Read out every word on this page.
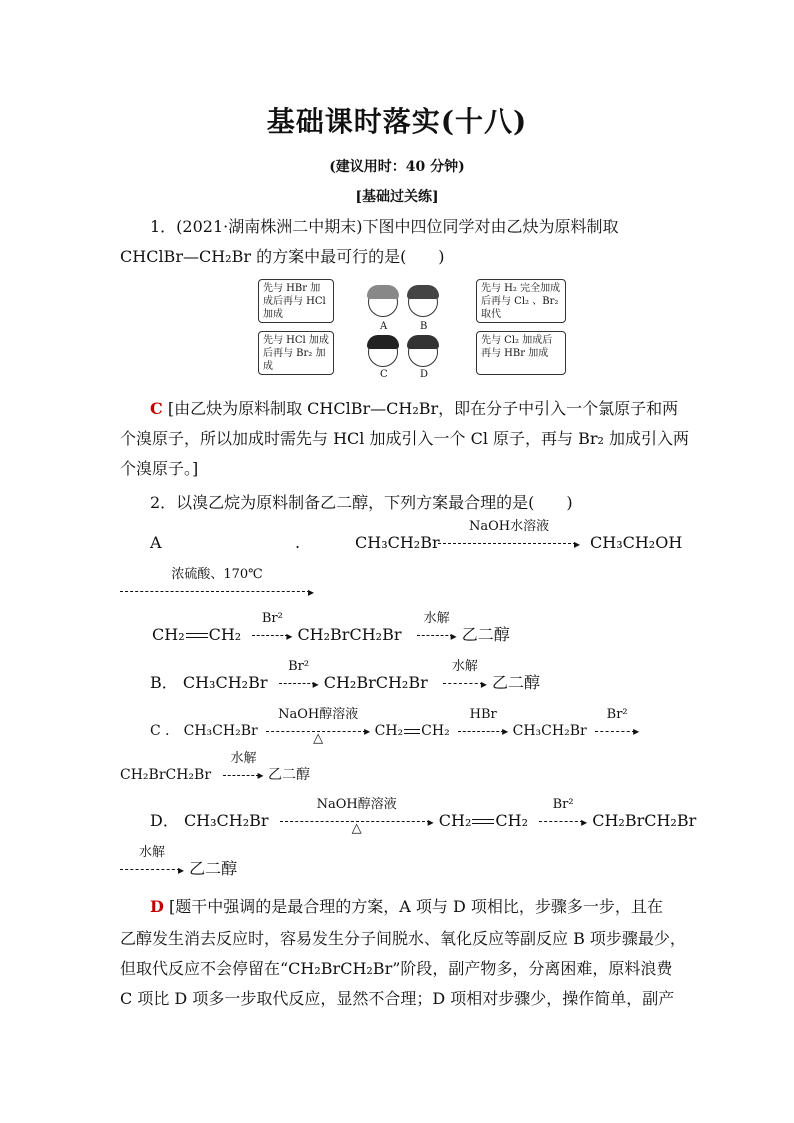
基础课时落实(十八)
(建议用时：40 分钟)
[基础过关练]
1．(2021·湖南株洲二中期末)下图中四位同学对由乙炔为原料制取
CHClBr—CH₂Br 的方案中最可行的是(　　)
先与 HBr 加成后再与 HCl 加成
先与 H₂ 完全加成后再与 Cl₂ 、Br₂取代
先与 HCl 加成后再与 Br₂ 加成
先与 Cl₂ 加成后再与 HBr 加成
A	B
C	D
C [由乙炔为原料制取 CHClBr—CH₂Br，即在分子中引入一个氯原子和两
个溴原子，所以加成时需先与 HCl 加成引入一个 Cl 原子，再与 Br₂ 加成引入两
个溴原子。]
2．以溴乙烷为原料制备乙二醇，下列方案最合理的是(　　)
A	.	CH₃CH₂Br
NaOH水溶液
▸ CH₃CH₂OH
浓硫酸、170℃
▸
CH₂ CH₂
Br²
▸ CH₂BrCH₂Br
水解
▸ 乙二醇
B． CH₃CH₂Br
Br²
▸ CH₂BrCH₂Br
水解
▸ 乙二醇
C ． CH₃CH₂Br
NaOH醇溶液
△	▸ CH₂ CH₂
HBr
▸ CH₃CH₂Br
Br²
▸
CH₂BrCH₂Br
水解
▸ 乙二醇
D． CH₃CH₂Br
NaOH醇溶液
△	▸ CH₂ CH₂
Br²
▸ CH₂BrCH₂Br
水解
▸ 乙二醇
D [题干中强调的是最合理的方案，A 项与 D 项相比，步骤多一步，且在
乙醇发生消去反应时，容易发生分子间脱水、氧化反应等副反应 B 项步骤最少，
但取代反应不会停留在“CH₂BrCH₂Br”阶段，副产物多，分离困难，原料浪费
C 项比 D 项多一步取代反应，显然不合理；D 项相对步骤少，操作简单，副产
